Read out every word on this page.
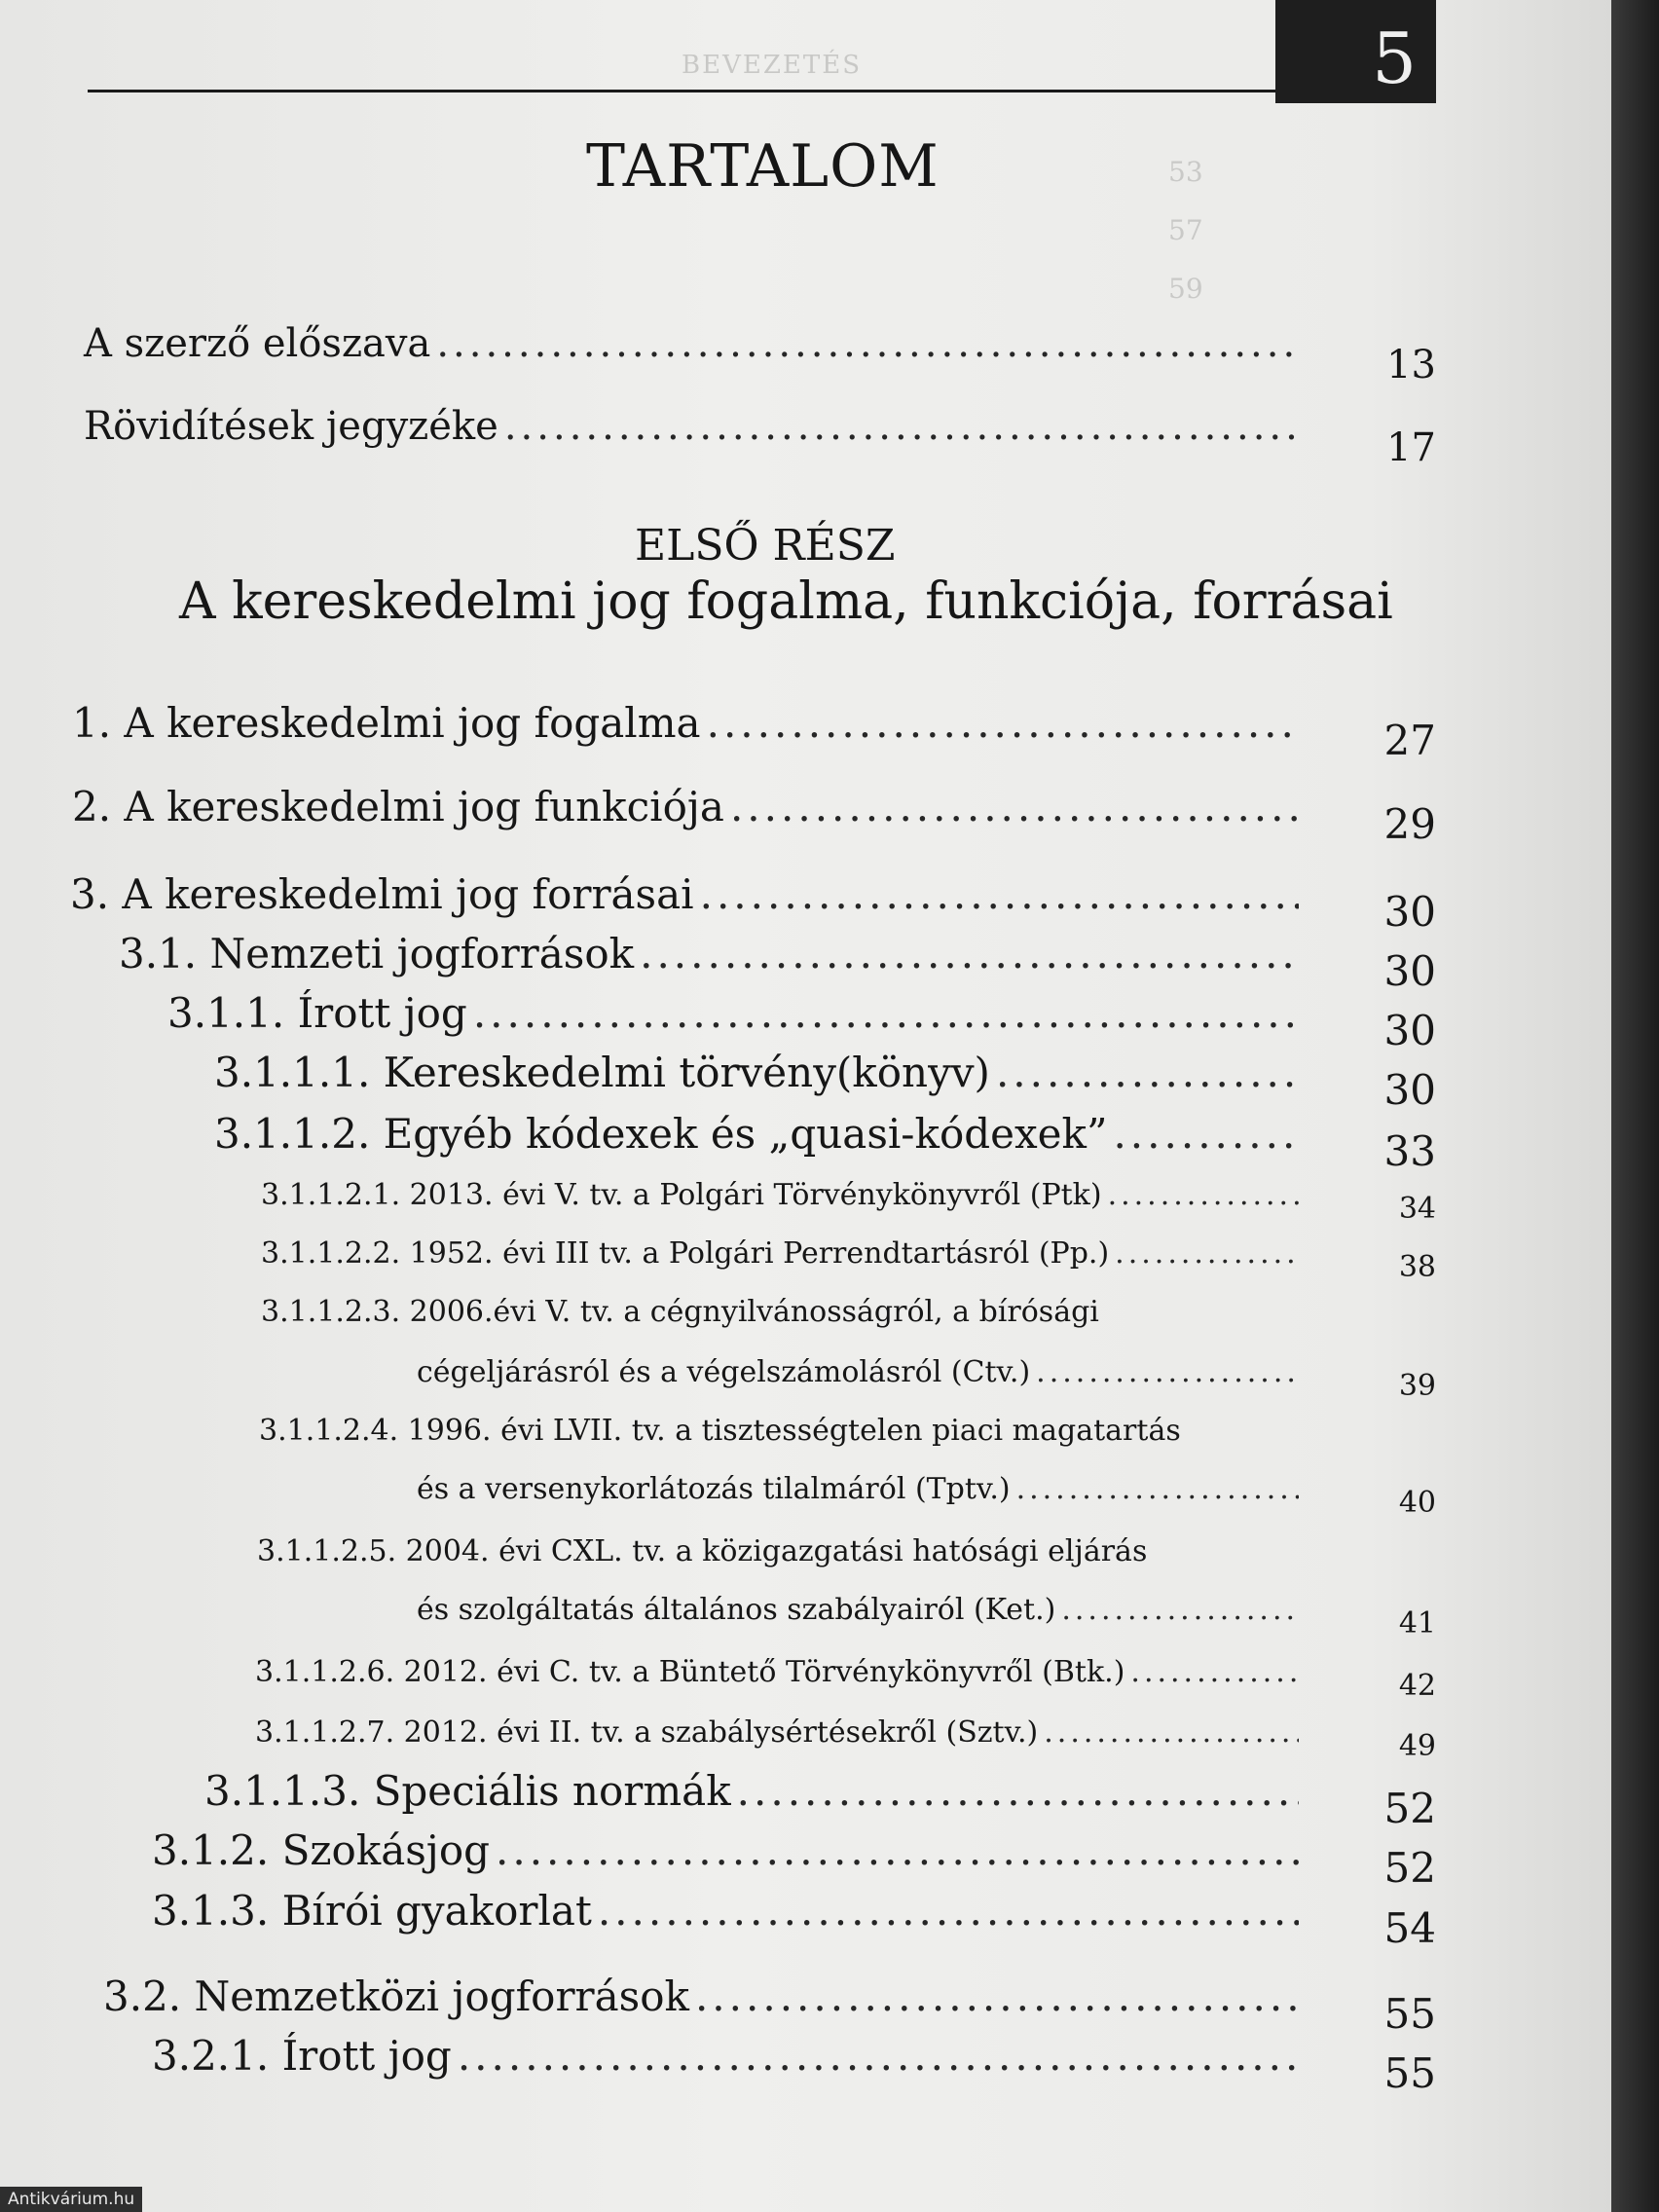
BEVEZETÉS	5
TARTALOM	53
57
59
A szerző előszava .....	13
Rövidítések jegyzéke .....	17
ELSŐ RÉSZ
A kereskedelmi jog fogalma, funkciója, forrásai
1. A kereskedelmi jog fogalma .....	27
2. A kereskedelmi jog funkciója .....	29
3. A kereskedelmi jog forrásai .....	30
3.1. Nemzeti jogforrások .....	30
3.1.1. Írott jog .....	30
3.1.1.1. Kereskedelmi törvény(könyv) .....	30
3.1.1.2. Egyéb kódexek és „quasi-kódexek” .....	33
3.1.1.2.1. 2013. évi V. tv. a Polgári Törvénykönyvről (Ptk) .....	34
3.1.1.2.2. 1952. évi III tv. a Polgári Perrendtartásról (Pp.) .....	38
3.1.1.2.3. 2006.évi V. tv. a cégnyilvánosságról, a bírósági
cégeljárásról és a végelszámolásról (Ctv.) .....	39
3.1.1.2.4. 1996. évi LVII. tv. a tisztességtelen piaci magatartás
és a versenykorlátozás tilalmáról (Tptv.) .....	40
3.1.1.2.5. 2004. évi CXL. tv. a közigazgatási hatósági eljárás
és szolgáltatás általános szabályairól (Ket.) .....	41
3.1.1.2.6. 2012. évi C. tv. a Büntető Törvénykönyvről (Btk.) .....	42
3.1.1.2.7. 2012. évi II. tv. a szabálysértésekről (Sztv.) .....	49
3.1.1.3. Speciális normák .....	52
3.1.2. Szokásjog .....	52
3.1.3. Bírói gyakorlat .....	54
3.2. Nemzetközi jogforrások .....	55
3.2.1. Írott jog .....	55
Antikvárium.hu
